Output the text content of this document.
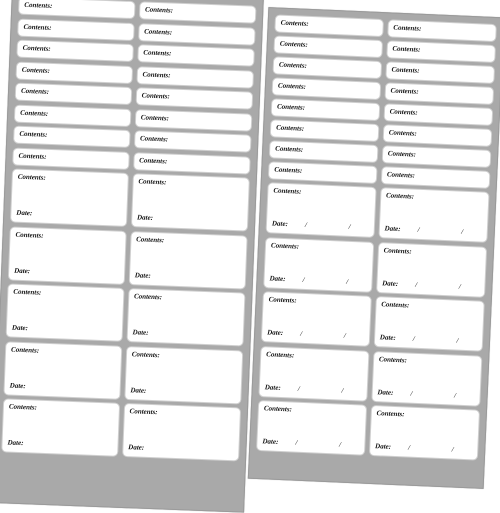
Contents:
Contents:
Contents:
Contents:
Contents:
Contents:
Contents:
Contents:
Contents:
Contents:
Contents:
Contents:
Contents:
Contents:
Contents:
Contents:
Contents:
Date:
Contents:
Date:
Contents:
Date:
Contents:
Date:
Contents:
Date:
Contents:
Date:
Contents:
Date:
Contents:
Date:
Contents:
Date:
Contents:
Date:
Contents:
Contents:
Contents:
Contents:
Contents:
Contents:
Contents:
Contents:
Contents:
Contents:
Contents:
Contents:
Contents:
Contents:
Contents:
Contents:
Contents:
Date: / /
Contents:
Date: / /
Contents:
Date: / /
Contents:
Date: / /
Contents:
Date: / /
Contents:
Date: / /
Contents:
Date: / /
Contents:
Date: / /
Contents:
Date: / /
Contents:
Date: / /
